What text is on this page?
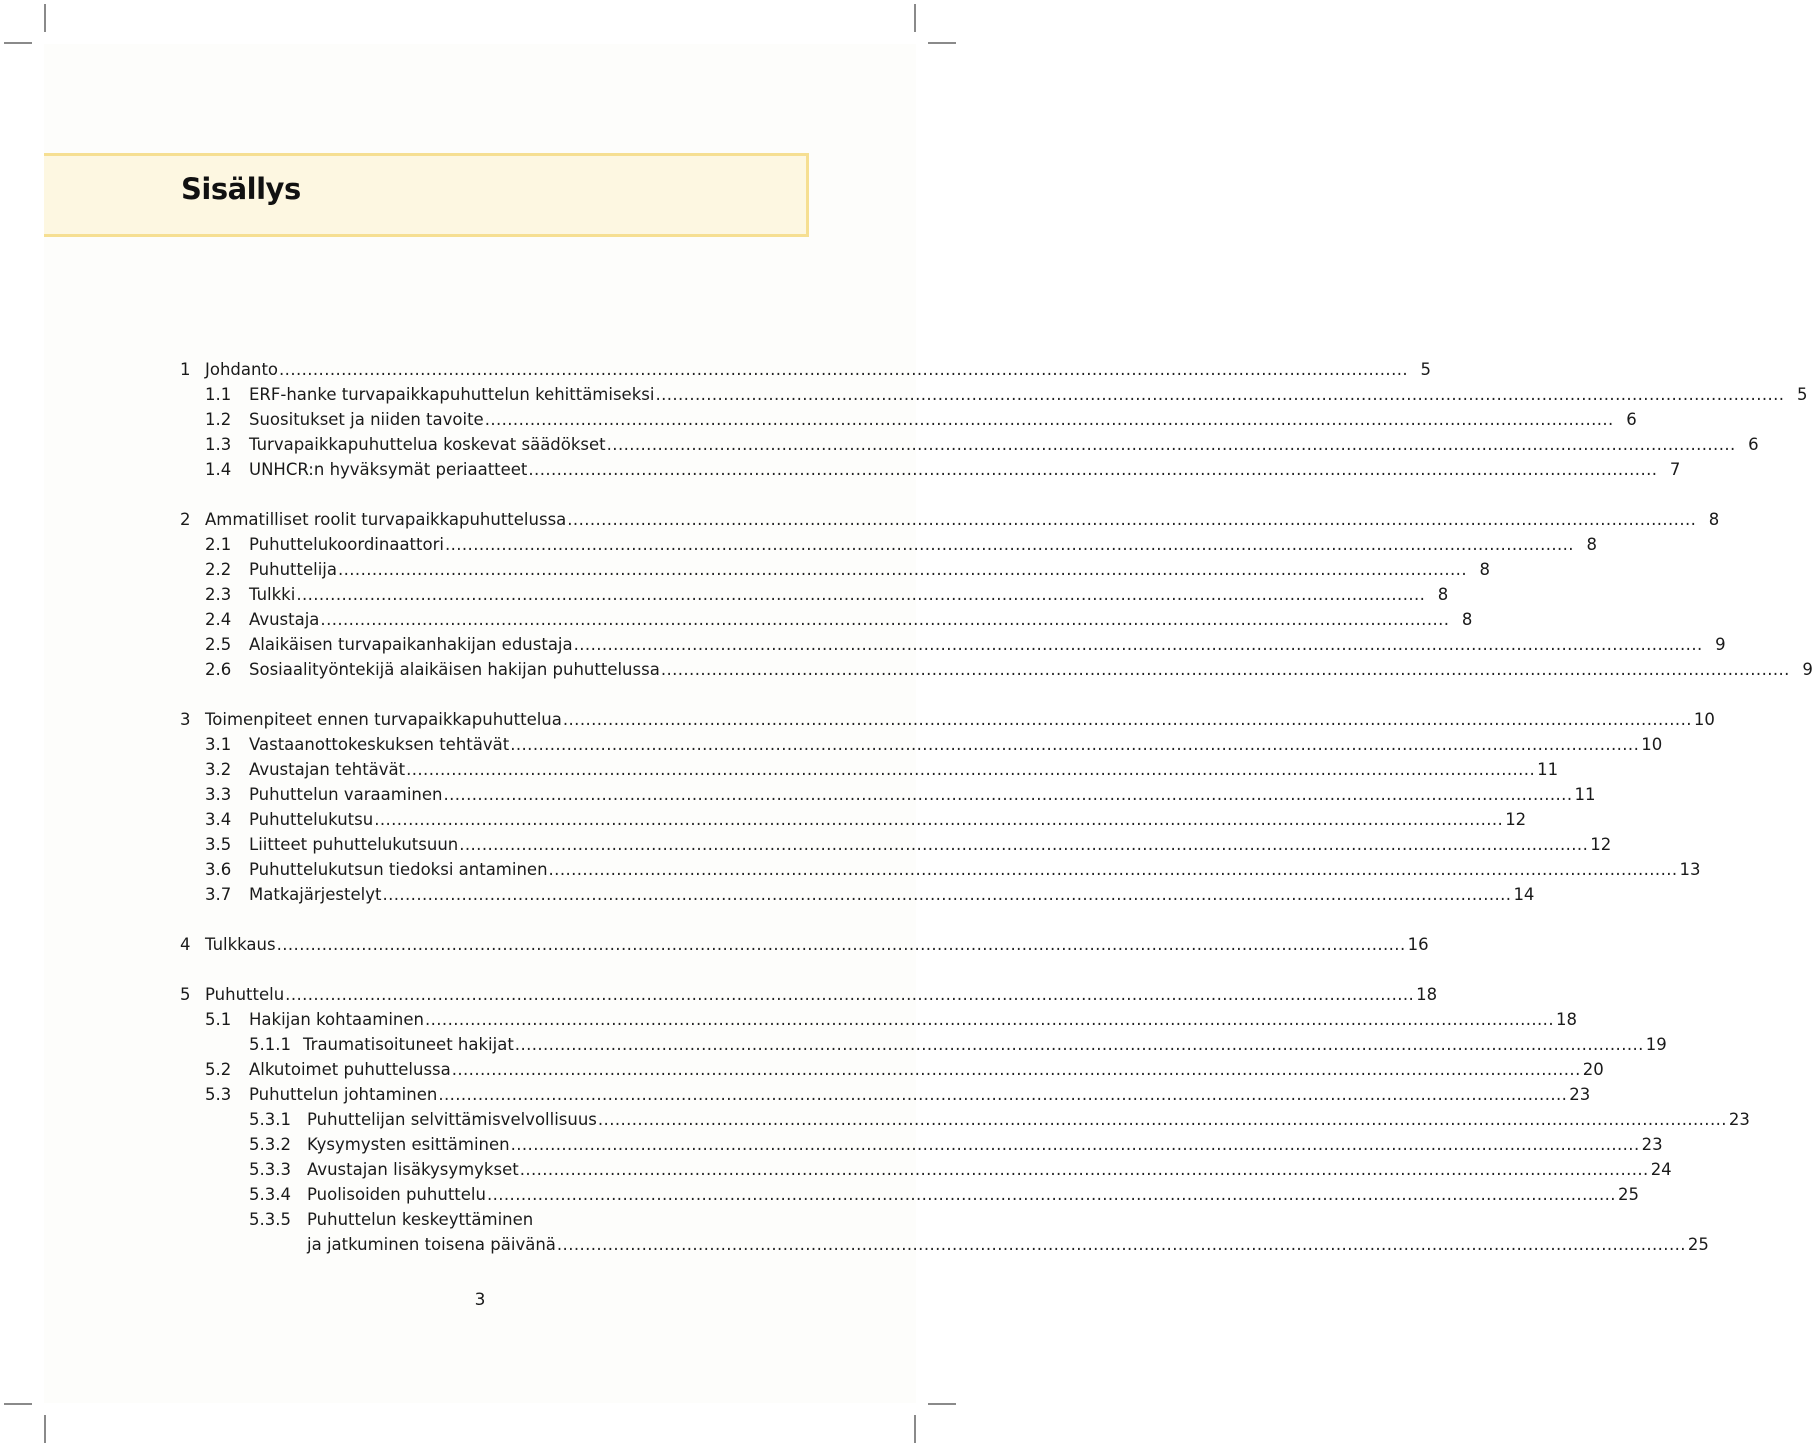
Sisällys
1 Johdanto ........................................................................................................................................................................................................ 5
1.1	ERF-hanke turvapaikkapuhuttelun kehittämiseksi ........................................................................................................................................................................................................ 5
1.2	Suositukset ja niiden tavoite ........................................................................................................................................................................................................ 6
1.3	Turvapaikkapuhuttelua koskevat säädökset ........................................................................................................................................................................................................ 6
1.4	UNHCR:n hyväksymät periaatteet ........................................................................................................................................................................................................ 7
2 Ammatilliset roolit turvapaikkapuhuttelussa ........................................................................................................................................................................................................ 8
2.1	Puhuttelukoordinaattori ........................................................................................................................................................................................................ 8
2.2	Puhuttelija ........................................................................................................................................................................................................ 8
2.3	Tulkki ........................................................................................................................................................................................................ 8
2.4	Avustaja ........................................................................................................................................................................................................ 8
2.5	Alaikäisen turvapaikanhakijan edustaja ........................................................................................................................................................................................................ 9
2.6	Sosiaalityöntekijä alaikäisen hakijan puhuttelussa ........................................................................................................................................................................................................ 9
3 Toimenpiteet ennen turvapaikkapuhuttelua ........................................................................................................................................................................................................ 10
3.1	Vastaanottokeskuksen tehtävät ........................................................................................................................................................................................................ 10
3.2	Avustajan tehtävät ........................................................................................................................................................................................................ 11
3.3	Puhuttelun varaaminen ........................................................................................................................................................................................................ 11
3.4	Puhuttelukutsu ........................................................................................................................................................................................................ 12
3.5	Liitteet puhuttelukutsuun ........................................................................................................................................................................................................ 12
3.6	Puhuttelukutsun tiedoksi antaminen ........................................................................................................................................................................................................ 13
3.7	Matkajärjestelyt ........................................................................................................................................................................................................ 14
4 Tulkkaus ........................................................................................................................................................................................................ 16
5 Puhuttelu ........................................................................................................................................................................................................ 18
5.1	Hakijan kohtaaminen ........................................................................................................................................................................................................ 18
5.1.1 Traumatisoituneet hakijat ........................................................................................................................................................................................................ 19
5.2	Alkutoimet puhuttelussa ........................................................................................................................................................................................................ 20
5.3	Puhuttelun johtaminen ........................................................................................................................................................................................................ 23
5.3.1 Puhuttelijan selvittämisvelvollisuus ........................................................................................................................................................................................................ 23
5.3.2 Kysymysten esittäminen ........................................................................................................................................................................................................ 23
5.3.3 Avustajan lisäkysymykset ........................................................................................................................................................................................................ 24
5.3.4 Puolisoiden puhuttelu ........................................................................................................................................................................................................ 25
5.3.5 Puhuttelun keskeyttäminen
ja jatkuminen toisena päivänä ........................................................................................................................................................................................................ 25
3
